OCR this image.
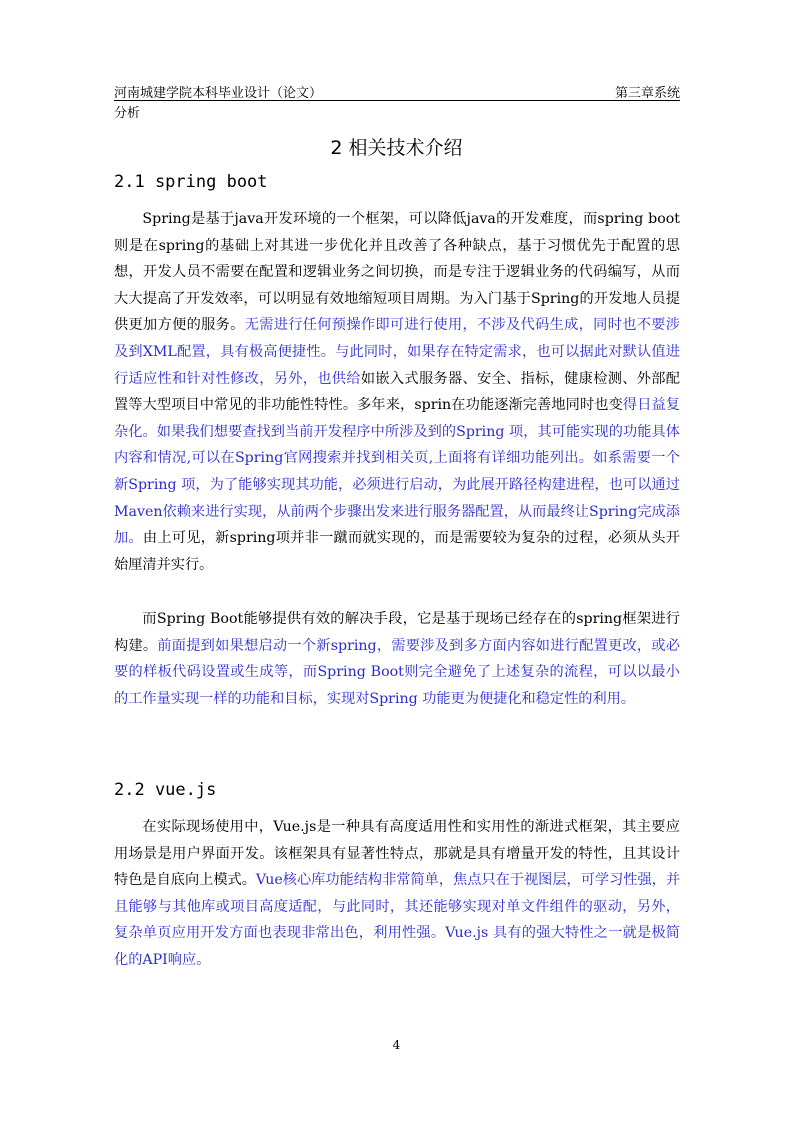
河南城建学院本科毕业设计（论文）	第三章系统
分析
2 相关技术介绍
2.1 spring boot

Spring是基于java开发环境的一个框架，可以降低java的开发难度，而spring boot则是在spring的基础上对其进一步优化并且改善了各种缺点，基于习惯优先于配置的思想，开发人员不需要在配置和逻辑业务之间切换，而是专注于逻辑业务的代码编写，从而大大提高了开发效率，可以明显有效地缩短项目周期。为入门基于Spring的开发地人员提供更加方便的服务。无需进行任何预操作即可进行使用，不涉及代码生成，同时也不要涉及到XML配置，具有极高便捷性。与此同时，如果存在特定需求，也可以据此对默认值进行适应性和针对性修改，另外，也供给如嵌入式服务器、安全、指标，健康检测、外部配置等大型项目中常见的非功能性特性。多年来，sprin在功能逐渐完善地同时也变得日益复杂化。如果我们想要查找到当前开发程序中所涉及到的Spring 项，其可能实现的功能具体内容和情况,可以在Spring官网搜索并找到相关页,上面将有详细功能列出。如系需要一个新Spring 项，为了能够实现其功能，必须进行启动，为此展开路径构建进程，也可以通过Maven依赖来进行实现，从前两个步骤出发来进行服务器配置，从而最终让Spring完成添加。由上可见，新spring项并非一蹴而就实现的，而是需要较为复杂的过程，必须从头开始厘清并实行。

而Spring Boot能够提供有效的解决手段，它是基于现场已经存在的spring框架进行构建。前面提到如果想启动一个新spring，需要涉及到多方面内容如进行配置更改，或必要的样板代码设置或生成等，而Spring Boot则完全避免了上述复杂的流程，可以以最小的工作量实现一样的功能和目标，实现对Spring 功能更为便捷化和稳定性的利用。

2.2 vue.js

在实际现场使用中，Vue.js是一种具有高度适用性和实用性的渐进式框架，其主要应用场景是用户界面开发。该框架具有显著性特点，那就是具有增量开发的特性，且其设计特色是自底向上模式。Vue核心库功能结构非常简单，焦点只在于视图层，可学习性强，并且能够与其他库或项目高度适配，与此同时，其还能够实现对单文件组件的驱动，另外，复杂单页应用开发方面也表现非常出色，利用性强。Vue.js 具有的强大特性之一就是极简化的API响应。

4
